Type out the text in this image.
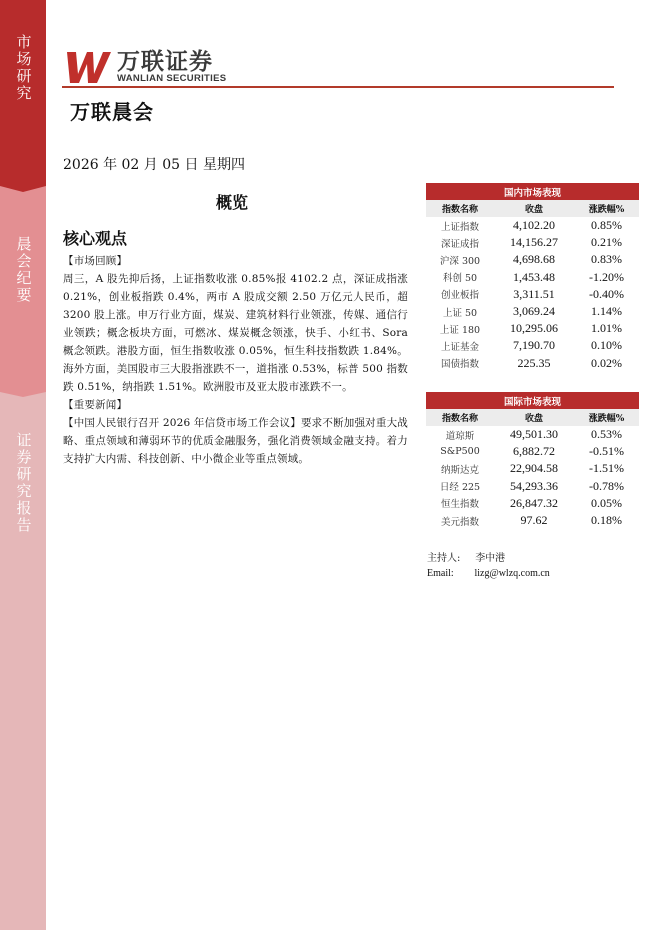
市场研究
晨会纪要
证券研究报告
万联证券
WANLIAN SECURITIES
万联晨会
2026 年 02 月 05 日 星期四
概览
核心观点

【市场回顾】

周三，A 股先抑后扬，上证指数收涨 0.85%报 4102.2 点，深证成指涨 0.21%，创业板指跌 0.4%，两市 A 股成交额 2.50 万亿元人民币，超 3200 股上涨。申万行业方面，煤炭、建筑材料行业领涨，传媒、通信行业领跌；概念板块方面，可燃冰、煤炭概念领涨，快手、小红书、Sora 概念领跌。港股方面，恒生指数收涨 0.05%，恒生科技指数跌 1.84%。海外方面，美国股市三大股指涨跌不一，道指涨 0.53%，标普 500 指数跌 0.51%，纳指跌 1.51%。欧洲股市及亚太股市涨跌不一。

【重要新闻】

【中国人民银行召开 2026 年信贷市场工作会议】要求不断加强对重大战略、重点领域和薄弱环节的优质金融服务，强化消费领域金融支持。着力支持扩大内需、科技创新、中小微企业等重点领域。

国内市场表现		
指数名称	收盘	涨跌幅%
上证指数	4,102.20	0.85%
深证成指	14,156.27	0.21%
沪深 300	4,698.68	0.83%
科创 50	1,453.48	-1.20%
创业板指	3,311.51	-0.40%
上证 50	3,069.24	1.14%
上证 180	10,295.06	1.01%
上证基金	7,190.70	0.10%
国债指数	225.35	0.02%
国际市场表现		
指数名称	收盘	涨跌幅%
道琼斯	49,501.30	0.53%
S&P500	6,882.72	-0.51%
纳斯达克	22,904.58	-1.51%
日经 225	54,293.36	-0.78%
恒生指数	26,847.32	0.05%
美元指数	97.62	0.18%
主持人: 李中港
Email: lizg@wlzq.com.cn
